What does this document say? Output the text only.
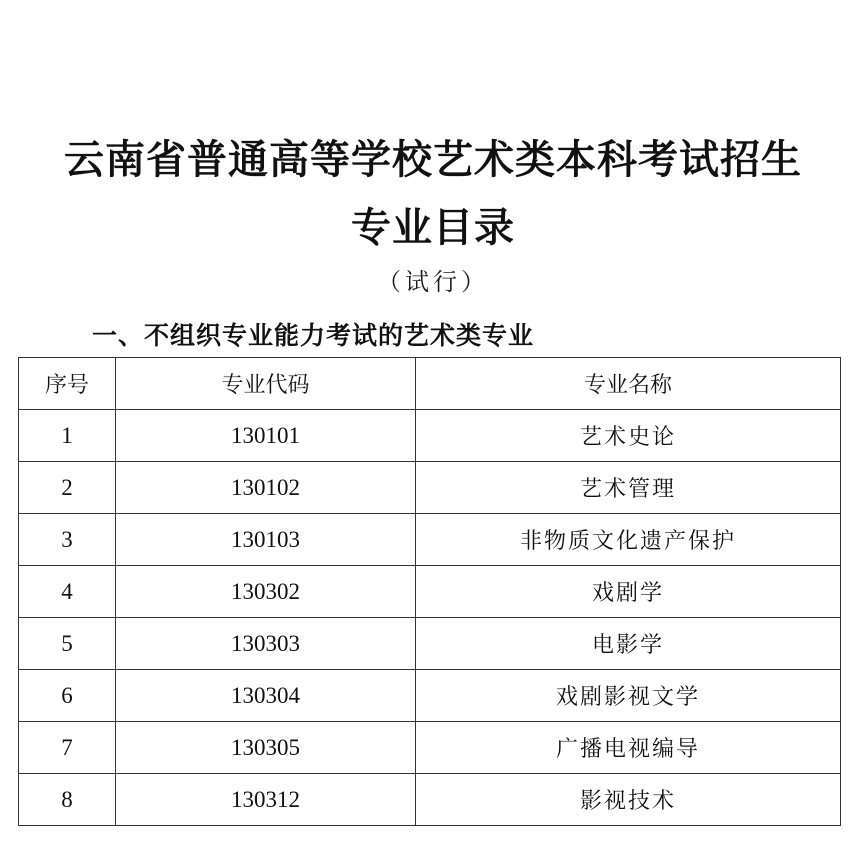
云南省普通高等学校艺术类本科考试招生
专业目录
（试行）
一、不组织专业能力考试的艺术类专业
序号	专业代码	专业名称
1	130101	艺术史论
2	130102	艺术管理
3	130103	非物质文化遗产保护
4	130302	戏剧学
5	130303	电影学
6	130304	戏剧影视文学
7	130305	广播电视编导
8	130312	影视技术
